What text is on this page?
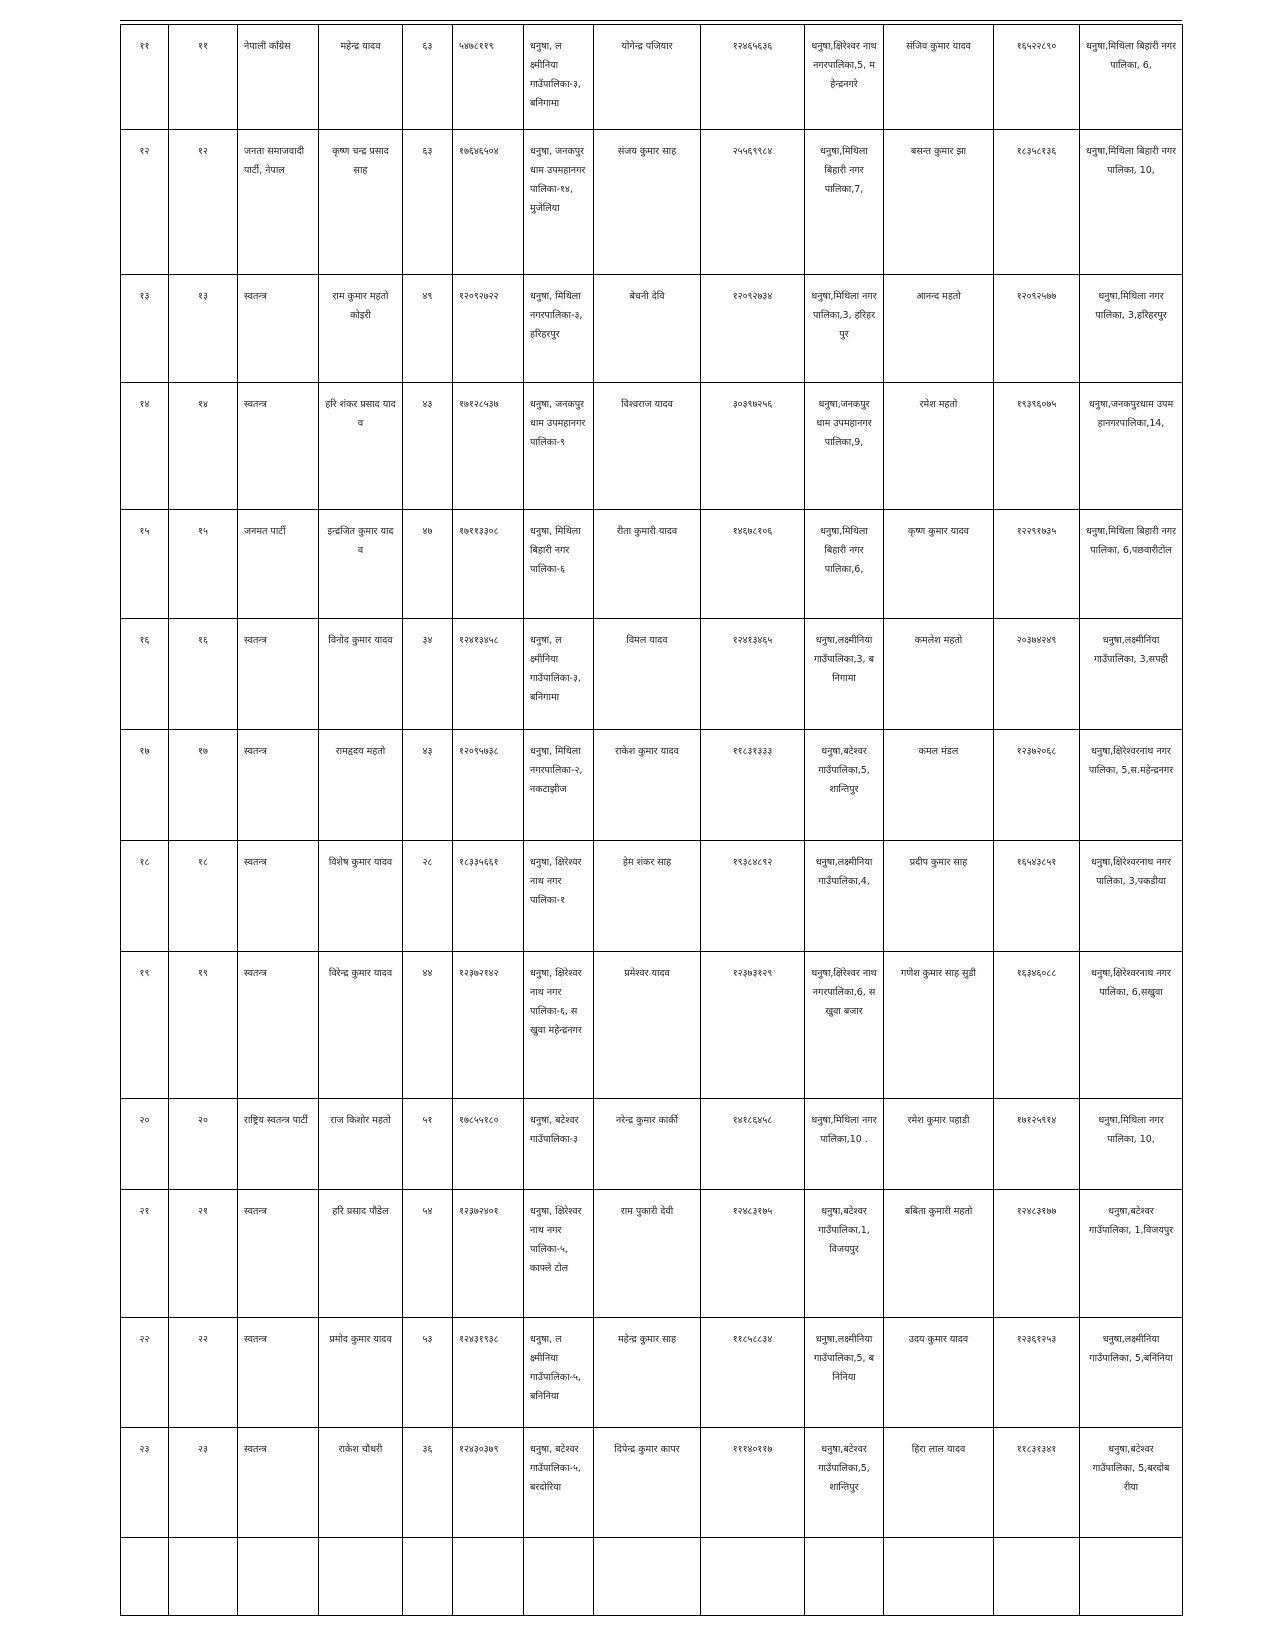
११	११	नेपाली काँग्रेस	महेन्द्र यादव	६३	५४७८११९	धनुषा, लक्ष्मीनिया गाउँपालिका-३, बनिगामा	योगेन्द्र पजियार	१२४६५६३६	धनुषा,क्षिरेश्वर नाथ नगरपालिका,5, महेन्द्रनगरे	संजिव कुमार यादव	१६५२२८९०	धनुषा,मिथिला बिहारी नगरपालिका, 6,
१२	१२	जनता समाजवादी पार्टी, नेपाल	कृष्ण चन्द्र प्रसाद साह	६३	१७६४६५०४	धनुषा, जनकपुरधाम उपमहानगरपालिका-१४, मुजेलिया	संजय कुमार साह	२५५६९९८४	धनुषा,मिथिला बिहारी नगरपालिका,7,	बसन्त कुमार झा	१८३५८१३६	धनुषा,मिथिला बिहारी नगरपालिका, 10,
१३	१३	स्वतन्त्र	राम कुमार महतो कोइरी	४९	१२०९२७२२	धनुषा, मिथिला नगरपालिका-३, हरिहरपुर	बेचनी देवि	१२०९२७३४	धनुषा,मिथिला नगरपालिका,3, हरिहरपुर	आनन्द महतो	१२०९२५७७	धनुषा,मिथिला नगरपालिका, 3,हरिहरपुर
१४	१४	स्वतन्त्र	हरि शंकर प्रसाद यादव	४३	१७१२८५३७	धनुषा, जनकपुरधाम उपमहानगरपालिका-९	विश्वराज यादव	३०३९७२५६	धनुषा,जनकपुर धाम उपमहानगरपालिका,9,	रमेश महतो	१९३९६०७५	धनुषा,जनकपुरधाम उपमहानगरपालिका,14,
१५	१५	जनमत पार्टी	इन्द्रजित कुमार यादव	४७	१७११३३०८	धनुषा, मिथिला बिहारी नगरपालिका-६	रीता कुमारी यादव	१४६७८१०६	धनुषा,मिथिला बिहारी नगरपालिका,6,	कृष्ण कुमार यादव	१२२९१७३५	धनुषा,मिथिला बिहारी नगरपालिका, 6,पछवारीटोल
१६	१६	स्वतन्त्र	विनोद कुमार यादव	३४	१२४१३४५८	धनुषा, लक्ष्मीनिया गाउँपालिका-३, बनिगामा	विमल यादव	१२४१३४६५	धनुषा,लक्ष्मीनिया गाउँपालिका,3, बनिगामा	कमलेश महतो	२०३७४२४९	धनुषा,लक्ष्मीनिया गाउँपालिका, 3,सपही
१७	१७	स्वतन्त्र	रामहृदय महतो	४३	१२०९५७३८	धनुषा, मिथिला नगरपालिका-२, नकटाझीज	राकेश कुमार यादव	११८३१३३३	धनुषा,बटेश्वर गाउँपालिका,5, शान्तिपुर	कमल मंडल	१२३७२०६८	धनुषा,क्षिरेश्वरनाथ नगरपालिका, 5,स.महेन्द्रनगर
१८	१८	स्वतन्त्र	विशेष कुमार यादव	२८	१८३३५६६१	धनुषा, क्षिरेश्वरनाथ नगरपालिका-१	हेम शंकर साह	१९३८४८९२	धनुषा,लक्ष्मीनिया गाउँपालिका,4,	प्रदीप कुमार साह	१६५४३८५१	धनुषा,क्षिरेश्वरनाथ नगरपालिका, 3,पकडीया
१९	१९	स्वतन्त्र	विरेन्द्र कुमार यादव	४४	१२३७२१४२	धनुषा, क्षिरेश्वरनाथ नगरपालिका-६, सखुवा महेन्द्रनगर	प्रमेश्वर यादव	१२३७३१२९	धनुषा,क्षिरेश्वर नाथ नगरपालिका,6, सखुवा बजार	गणेश कुमार साह सुडी	१६३४६०८८	धनुषा,क्षिरेश्वरनाथ नगरपालिका, 6,सखुवा
२०	२०	राष्ट्रिय स्वतन्त्र पार्टी	राज किशोर महतो	५१	१७८५५१८०	धनुषा, बटेश्वर गाउँपालिका-३	नरेन्द्र कुमार कार्की	१४१८६४५८	धनुषा,मिथिला नगरपालिका,10 .	रमेश कुमार पहाडी	१७१२५९१४	धनुषा,मिथिला नगरपालिका, 10,
२१	२१	स्वतन्त्र	हरि प्रसाद पौडेल	५४	१२३७२४०१	धनुषा, क्षिरेश्वरनाथ नगरपालिका-५, काफ्ले टोल	राम पुकारी देवी	१२४८३१७५	धनुषा,बटेश्वर गाउँपालिका,1, विजयपुर	बबिता कुमारी महतो	१२४८३१७७	धनुषा,बटेश्वर गाउँपालिका, 1,विजयपुर
२२	२२	स्वतन्त्र	प्रमोद कुमार यादव	५३	१२४३१९३८	धनुषा, लक्ष्मीनिया गाउँपालिका-५, बनिनिया	महेन्द्र कुमार साह	११८५८८३४	धनुषा,लक्ष्मीनिया गाउँपालिका,5, बनिनिया	उदय कुमार यादव	१२३६१२५३	धनुषा,लक्ष्मीनिया गाउँपालिका, 5,बनिनिया
२३	२३	स्वतन्त्र	राकेश चौधरी	३६	१२४३०३७९	धनुषा, बटेश्वर गाउँपालिका-५, बरदोरिया	दिपेन्द्र कुमार कापर	१११४०११७	धनुषा,बटेश्वर गाउँपालिका,5, शान्तिपुर	हिरा लाल यादव	११८३१३४१	धनुषा,बटेश्वर गाउँपालिका, 5,बरदोबरीया
